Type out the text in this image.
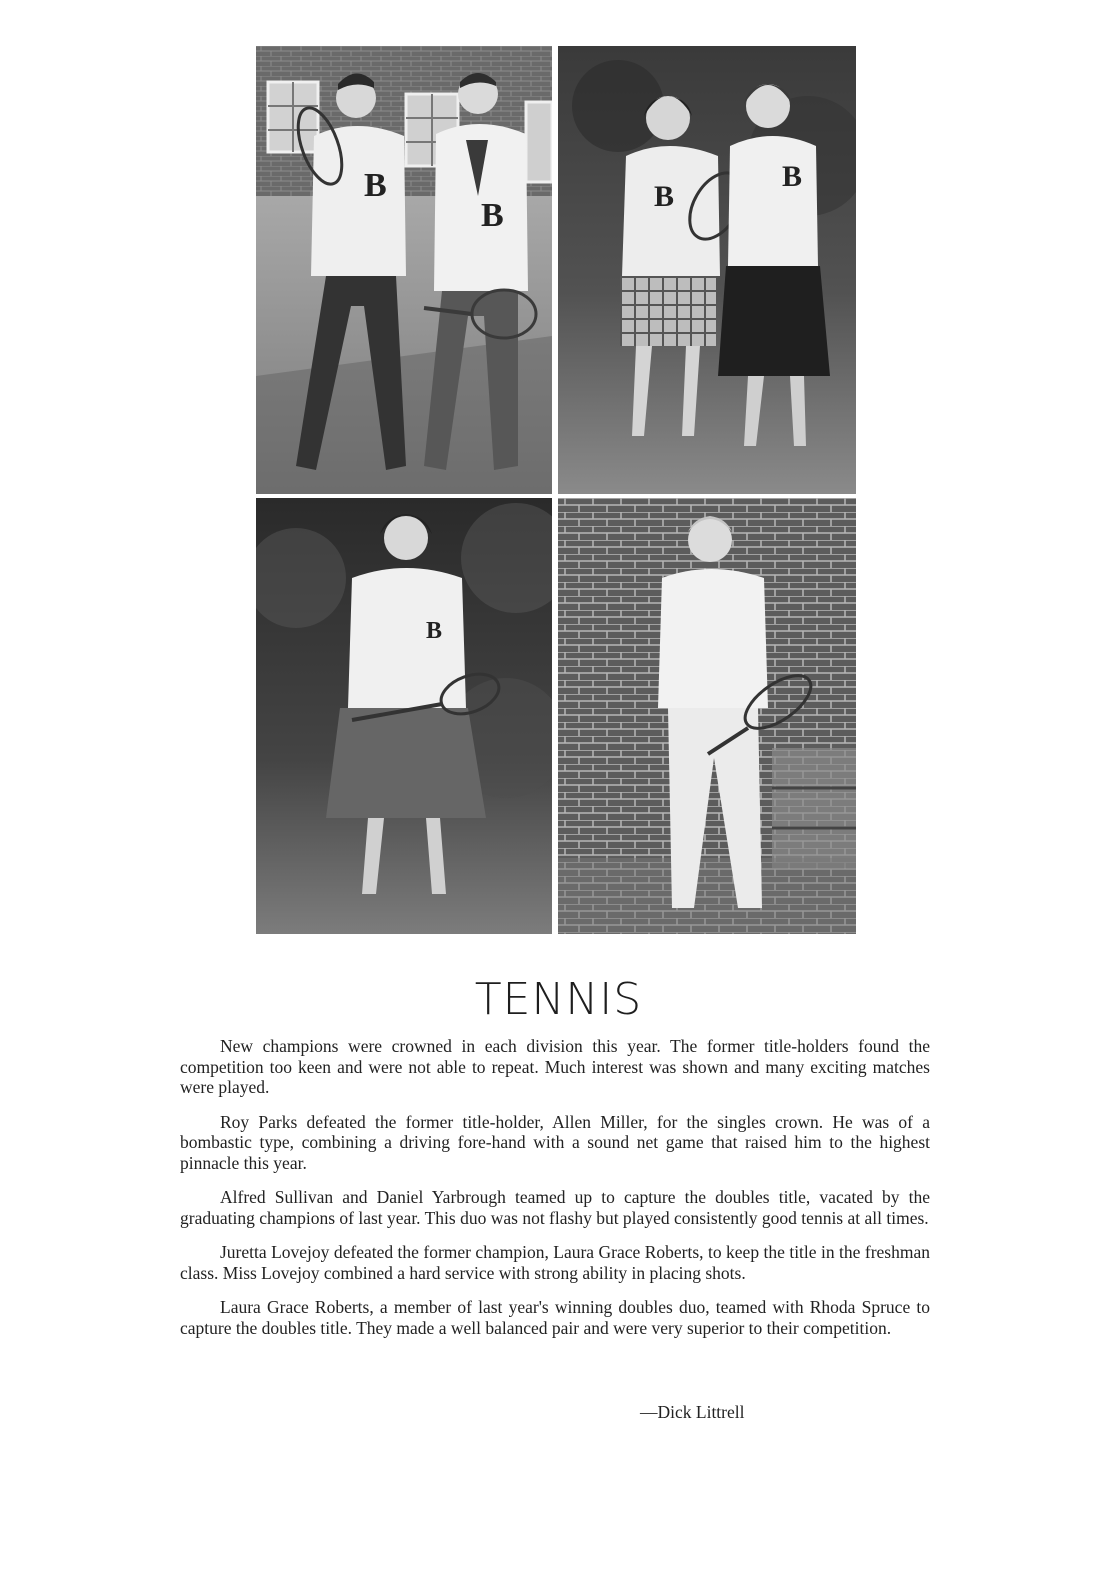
B
B
B
B
B
TENNIS

New champions were crowned in each division this year. The former title-holders found the competition too keen and were not able to repeat. Much interest was shown and many exciting matches were played.

Roy Parks defeated the former title-holder, Allen Miller, for the singles crown. He was of a bombastic type, combining a driving fore-hand with a sound net game that raised him to the highest pinnacle this year.

Alfred Sullivan and Daniel Yarbrough teamed up to capture the doubles title, vacated by the graduating champions of last year. This duo was not flashy but played consistently good tennis at all times.

Juretta Lovejoy defeated the former champion, Laura Grace Roberts, to keep the title in the freshman class. Miss Lovejoy combined a hard service with strong ability in placing shots.

Laura Grace Roberts, a member of last year's winning doubles duo, teamed with Rhoda Spruce to capture the doubles title. They made a well balanced pair and were very superior to their competition.

—Dick Littrell
